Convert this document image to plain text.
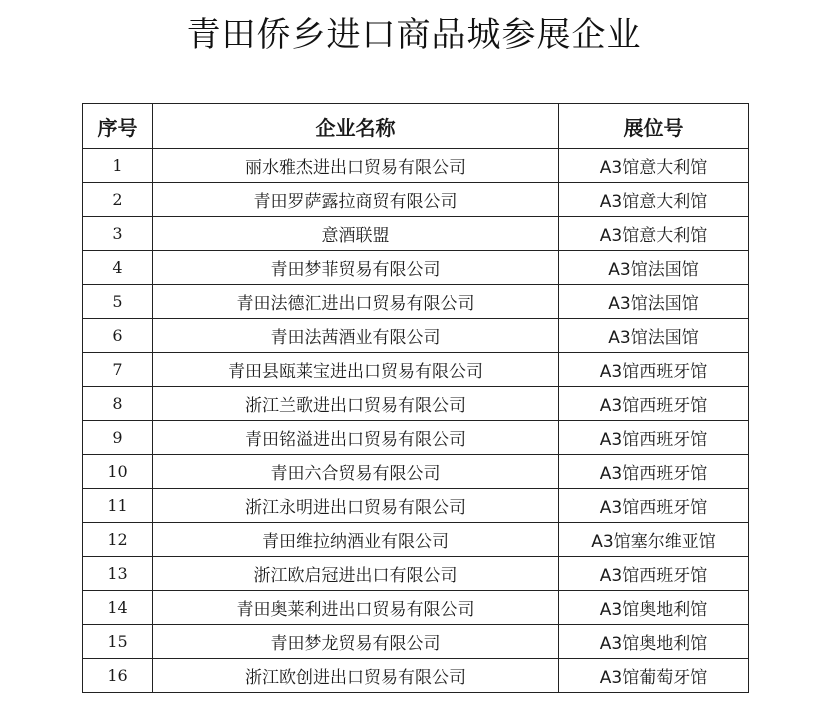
青田侨乡进口商品城参展企业
序号	企业名称	展位号
1	丽水雅杰进出口贸易有限公司	A3馆意大利馆
2	青田罗萨露拉商贸有限公司	A3馆意大利馆
3	意酒联盟	A3馆意大利馆
4	青田梦菲贸易有限公司	A3馆法国馆
5	青田法德汇进出口贸易有限公司	A3馆法国馆
6	青田法茜酒业有限公司	A3馆法国馆
7	青田县瓯莱宝进出口贸易有限公司	A3馆西班牙馆
8	浙江兰歌进出口贸易有限公司	A3馆西班牙馆
9	青田铭溢进出口贸易有限公司	A3馆西班牙馆
10	青田六合贸易有限公司	A3馆西班牙馆
11	浙江永明进出口贸易有限公司	A3馆西班牙馆
12	青田维拉纳酒业有限公司	A3馆塞尔维亚馆
13	浙江欧启冠进出口有限公司	A3馆西班牙馆
14	青田奥莱利进出口贸易有限公司	A3馆奥地利馆
15	青田梦龙贸易有限公司	A3馆奥地利馆
16	浙江欧创进出口贸易有限公司	A3馆葡萄牙馆
